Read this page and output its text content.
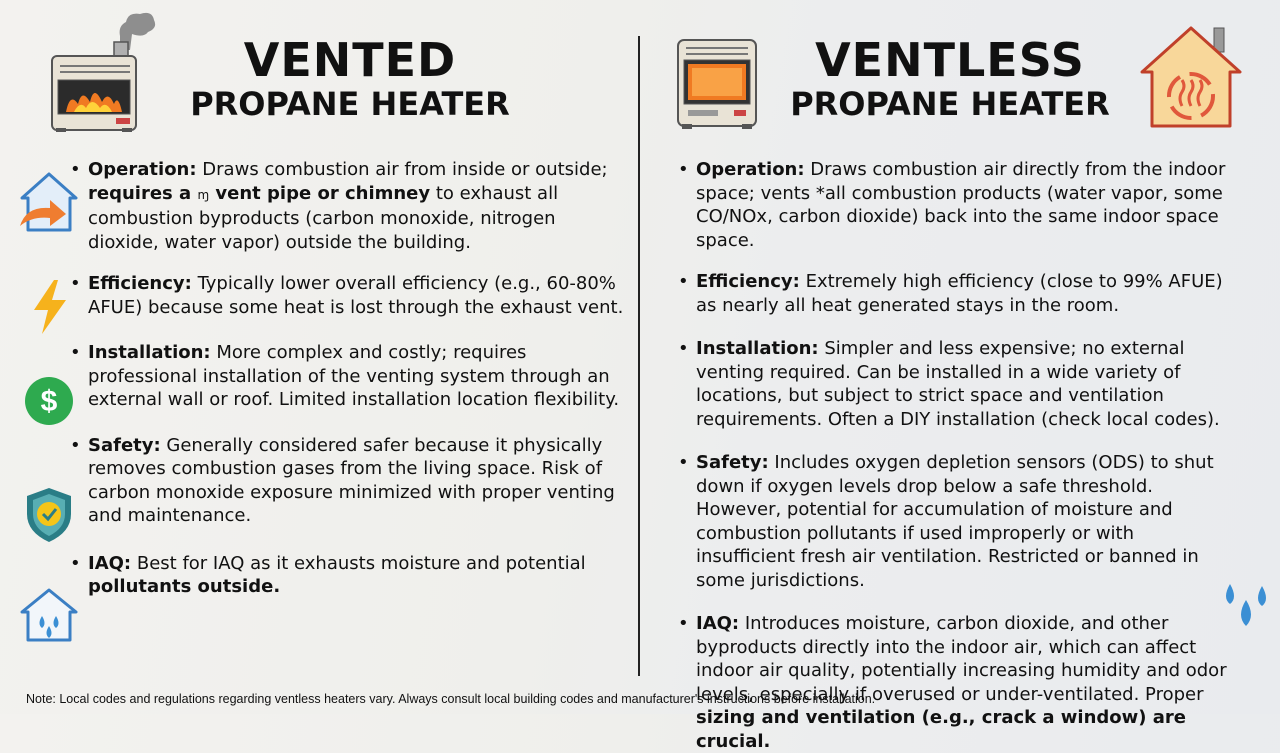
VENTED
PROPANE HEATER
VENTLESS
PROPANE HEATER
$
• Operation: Draws combustion air from inside or outside; requires a ɱ vent pipe or chimney to exhaust all combustion byproducts (carbon monoxide, nitrogen dioxide, water vapor) outside the building.
• Efficiency: Typically lower overall efficiency (e.g., 60-80% AFUE) because some heat is lost through the exhaust vent.
• Installation: More complex and costly; requires professional installation of the venting system through an external wall or roof. Limited installation location flexibility.
• Safety: Generally considered safer because it physically removes combustion gases from the living space. Risk of carbon monoxide exposure minimized with proper venting and maintenance.
• IAQ: Best for IAQ as it exhausts moisture and potential pollutants outside.
• Operation: Draws combustion air directly from the indoor space; vents *all combustion products (water vapor, some CO/NOx, carbon dioxide) back into the same indoor space space.
• Efficiency: Extremely high efficiency (close to 99% AFUE) as nearly all heat generated stays in the room.
• Installation: Simpler and less expensive; no external venting required. Can be installed in a wide variety of locations, but subject to strict space and ventilation requirements. Often a DIY installation (check local codes).
• Safety: Includes oxygen depletion sensors (ODS) to shut down if oxygen levels drop below a safe threshold. However, potential for accumulation of moisture and combustion pollutants if used improperly or with insufficient fresh air ventilation. Restricted or banned in some jurisdictions.
• IAQ: Introduces moisture, carbon dioxide, and other byproducts directly into the indoor air, which can affect indoor air quality, potentially increasing humidity and odor levels, especially if overused or under-ventilated. Proper sizing and ventilation (e.g., crack a window) are crucial.
Note: Local codes and regulations regarding ventless heaters vary. Always consult local building codes and manufacturer's instructions before installation.
